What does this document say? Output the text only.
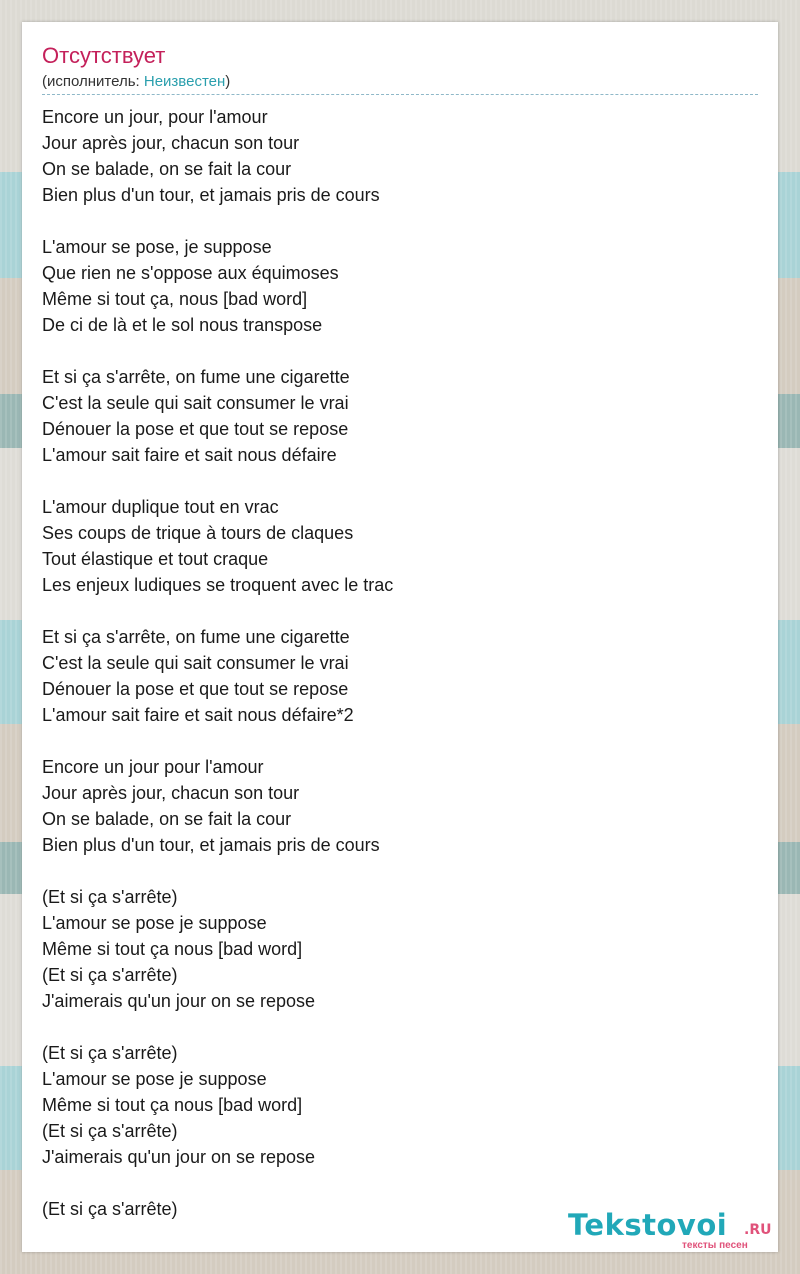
Отсутствует
(исполнитель: Неизвестен)
Encore un jour, pour l'amour
Jour après jour, chacun son tour
On se balade, on se fait la cour
Bien plus d'un tour, et jamais pris de cours
L'amour se pose, je suppose
Que rien ne s'oppose aux équimoses
Même si tout ça, nous [bad word]
De ci de là et le sol nous transpose
Et si ça s'arrête, on fume une cigarette
C'est la seule qui sait consumer le vrai
Dénouer la pose et que tout se repose
L'amour sait faire et sait nous défaire
L'amour duplique tout en vrac
Ses coups de trique à tours de claques
Tout élastique et tout craque
Les enjeux ludiques se troquent avec le trac
Et si ça s'arrête, on fume une cigarette
C'est la seule qui sait consumer le vrai
Dénouer la pose et que tout se repose
L'amour sait faire et sait nous défaire*2
Encore un jour pour l'amour
Jour après jour, chacun son tour
On se balade, on se fait la cour
Bien plus d'un tour, et jamais pris de cours
(Et si ça s'arrête)
L'amour se pose je suppose
Même si tout ça nous [bad word]
(Et si ça s'arrête)
J'aimerais qu'un jour on se repose
(Et si ça s'arrête)
L'amour se pose je suppose
Même si tout ça nous [bad word]
(Et si ça s'arrête)
J'aimerais qu'un jour on se repose
(Et si ça s'arrête)	Tekstovoi .RU
тексты песен
